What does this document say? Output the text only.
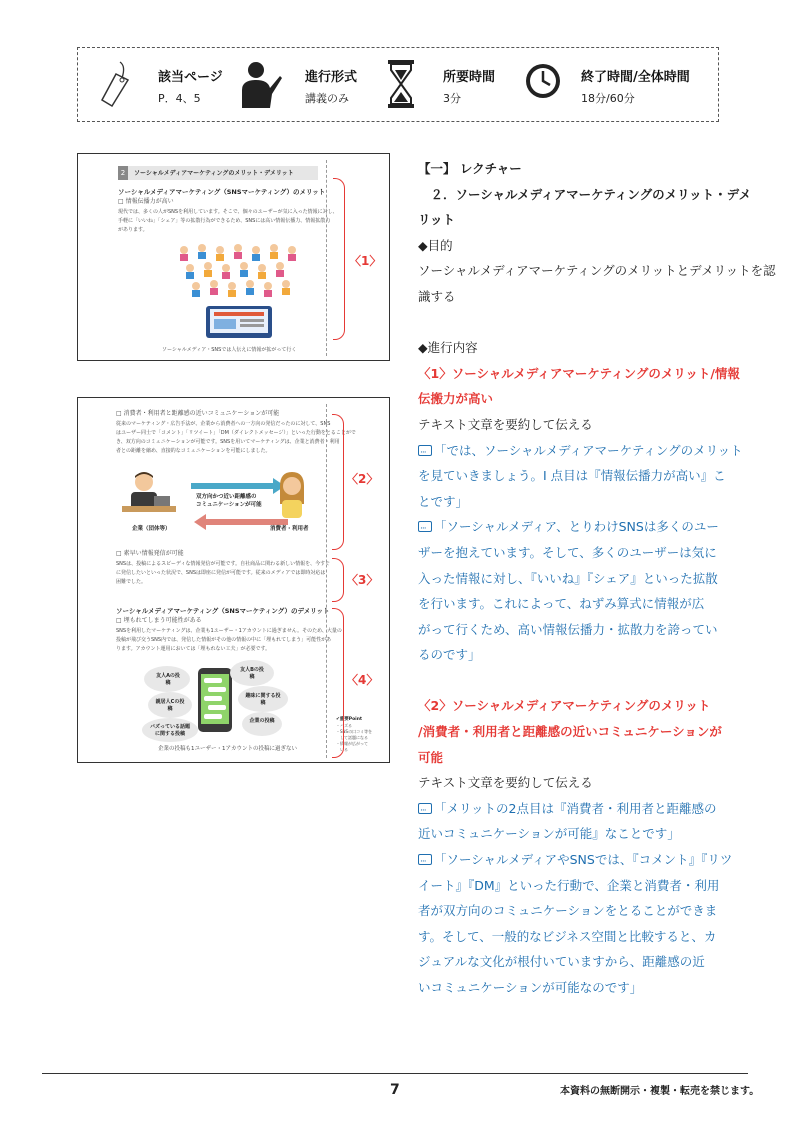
該当ページ
P．4、5
進行形式
講義のみ
所要時間
3分
終了時間/全体時間
18分/60分
2	ソーシャルメディアマーケティングのメリット・デメリット
ソーシャルメディアマーケティング（SNSマーケティング）のメリット
□ 情報伝播力が高い
現代では、多くの人がSNSを利用しています。そこで、個々のユーザーが気に入った情報に対し、
手軽に「いいね」「シェア」等の拡散行為ができるため、SNSには高い情報伝播力、情報拡散力
があります。
ソーシャルメディア・SNSでは人伝えに情報が拡がって行く
〈1〉
□ 消費者・利用者と距離感の近いコミュニケーションが可能
従来のマーケティング・広告手法が、企業から消費者への一方向の発信だったのに対して、SNS
はユーザー同士で「コメント」「リツイート」「DM（ダイレクトメッセージ）」といった行動をとることがで
き、双方向のコミュニケーションが可能です。SNSを用いてマーケティングは、企業と消費者・利用
者との距離を縮め、直接的なコミュニケーションを可能にしました。
双方向かつ近い距離感の
コミュニケーションが可能
企業（団体等）	消費者・利用者
□ 素早い情報発信が可能
SNSは、投稿によるスピーディな情報発信が可能です。自社商品に関わる新しい情報を、今すぐ
に発信したいといった状況で、SNSは即座に発信が可能です。従来のメディアでは即時対応は
困難でした。
ソーシャルメディアマーケティング（SNSマーケティング）のデメリット
□ 埋もれてしまう可能性がある
SNSを利用したマーケティングは、企業も1ユーザー・1アカウントに過ぎません。そのため、大量の
投稿が飛び交うSNS内では、発信した情報がその他の情報の中に「埋もれてしまう」可能性があ
ります。アカウント運用においては「埋もれない工夫」が必要です。
友人Aの投稿
友人Bの投稿
趣味に関する投稿
親居人Cの投稿
企業の投稿
バズっている話題に関する投稿
企業の投稿も1ユーザー・1アカウントの投稿に過ぎない
✔重要Point
・バズる
・SNSの口コミ等を
　して話題になる
・情報が広がって
　いる
〈2〉
〈3〉
〈4〉
【一】 レクチャー
　２．ソーシャルメディアマーケティングのメリット・デメ
リット
◆目的
ソーシャルメディアマーケティングのメリットとデメリットを認
識する
◆進行内容
〈1〉ソーシャルメディアマーケティングのメリット/情報
伝搬力が高い
テキスト文章を要約して伝える
···「では、ソーシャルメディアマーケティングのメリット
を見ていきましょう。I 点目は『情報伝播力が高い』こ
とです」
···「ソーシャルメディア、とりわけSNSは多くのユー
ザーを抱えています。そして、多くのユーザーは気に
入った情報に対し、『いいね』『シェア』といった拡散
を行います。これによって、ねずみ算式に情報が広
がって行くため、高い情報伝播力・拡散力を誇ってい
るのです」
〈2〉ソーシャルメディアマーケティングのメリット
/消費者・利用者と距離感の近いコミュニケーションが
可能
テキスト文章を要約して伝える
···「メリットの2点目は『消費者・利用者と距離感の
近いコミュニケーションが可能』なことです」
···「ソーシャルメディアやSNSでは、『コメント』『リツ
イート』『DM』といった行動で、企業と消費者・利用
者が双方向のコミュニケーションをとることができま
す。そして、一般的なビジネス空間と比較すると、カ
ジュアルな文化が根付いていますから、距離感の近
いコミュニケーションが可能なのです」
7	本資料の無断開示・複製・転売を禁じます。
